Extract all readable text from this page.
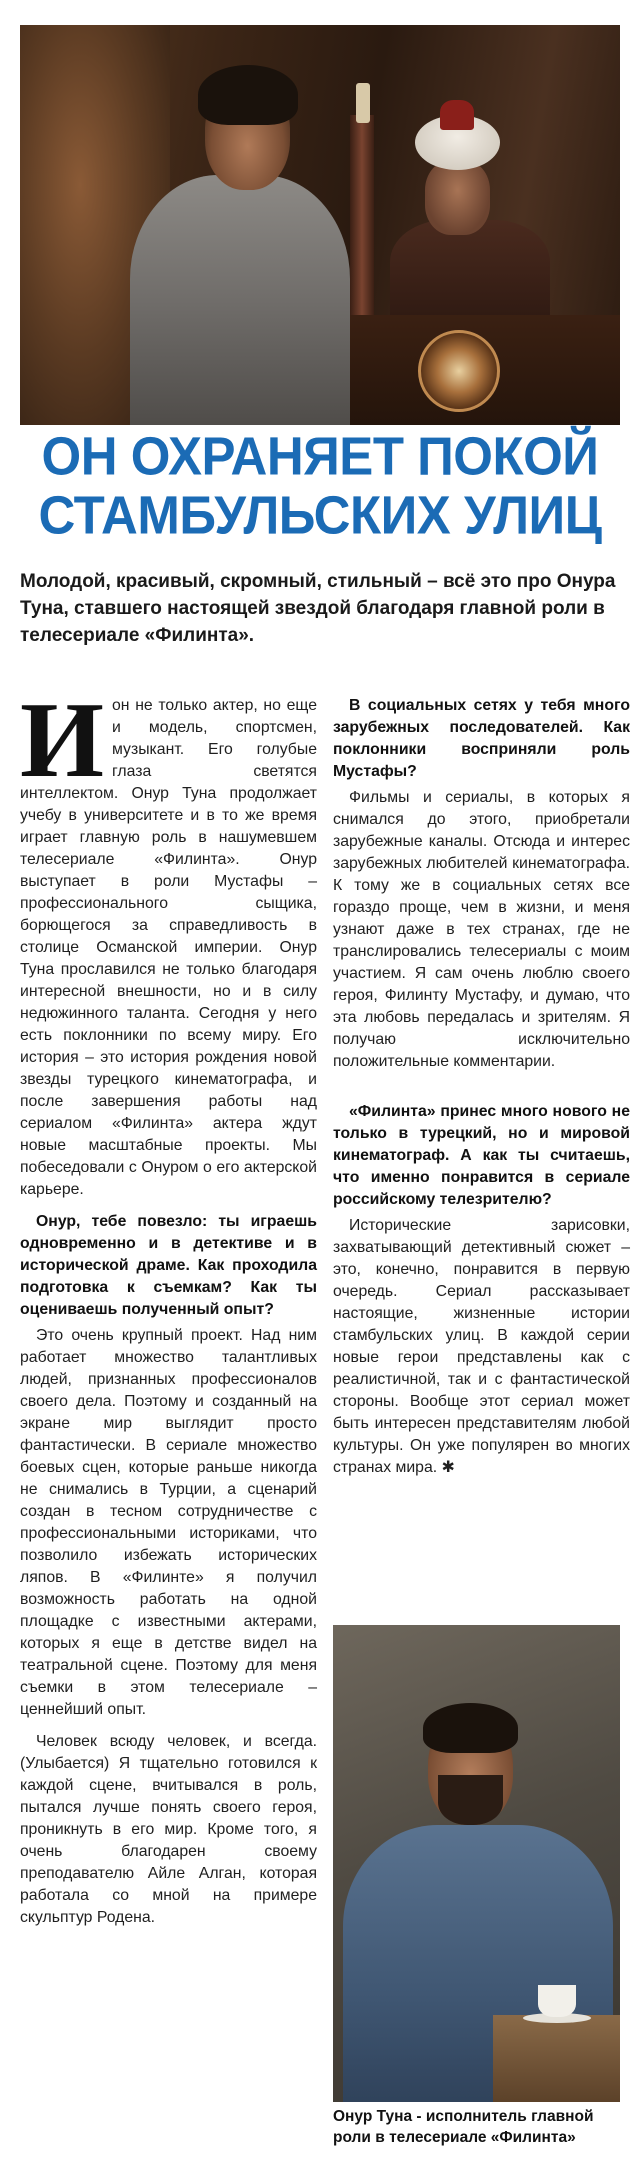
ОН ОХРАНЯЕТ ПОКОЙ
СТАМБУЛЬСКИХ УЛИЦ
Молодой, красивый, скромный, стильный – всё это про Онура Туна, ставшего настоящей звездой благодаря главной роли в телесериале «Филинта».

И он не только актер, но еще и модель, спортсмен, музыкант. Его голубые глаза светятся интеллектом. Онур Туна продолжает учебу в университете и в то же время играет главную роль в нашумевшем телесериале «Филинта». Онур выступает в роли Мустафы – профессионального сыщика, борющегося за справедливость в столице Османской империи. Онур Туна прославился не только благодаря интересной внешности, но и в силу недюжинного таланта. Сегодня у него есть поклонники по всему миру. Его история – это история рождения новой звезды турецкого кинематографа, и после завершения работы над сериалом «Филинта» актера ждут новые масштабные проекты. Мы побеседовали с Онуром о его актерской карьере.

Онур, тебе повезло: ты играешь одновременно и в детективе и в исторической драме. Как проходила подготовка к съемкам? Как ты оцениваешь полученный опыт?

Это очень крупный проект. Над ним работает множество талантливых людей, признанных профессионалов своего дела. Поэтому и созданный на экране мир выглядит просто фантастически. В сериале множество боевых сцен, которые раньше никогда не снимались в Турции, а сценарий создан в тесном сотрудничестве с профессиональными историками, что позволило избежать исторических ляпов. В «Филинте» я получил возможность работать на одной площадке с известными актерами, которых я еще в детстве видел на театральной сцене. Поэтому для меня съемки в этом телесериале – ценнейший опыт.

Человек всюду человек, и всегда. (Улыбается) Я тщательно готовился к каждой сцене, вчитывался в роль, пытался лучше понять своего героя, проникнуть в его мир. Кроме того, я очень благодарен своему преподавателю Айле Алган, которая работала со мной на примере скульптур Родена.

В социальных сетях у тебя много зарубежных последователей. Как поклонники восприняли роль Мустафы?

Фильмы и сериалы, в которых я снимался до этого, приобретали зарубежные каналы. Отсюда и интерес зарубежных любителей кинематографа. К тому же в социальных сетях все гораздо проще, чем в жизни, и меня узнают даже в тех странах, где не транслировались телесериалы с моим участием. Я сам очень люблю своего героя, Филинту Мустафу, и думаю, что эта любовь передалась и зрителям. Я получаю исключительно положительные комментарии.

«Филинта» принес много нового не только в турецкий, но и мировой кинематограф. А как ты считаешь, что именно понравится в сериале российскому телезрителю?

Исторические зарисовки, захватывающий детективный сюжет – это, конечно, понравится в первую очередь. Сериал рассказывает настоящие, жизненные истории стамбульских улиц. В каждой серии новые герои представлены как с реалистичной, так и с фантастической стороны. Вообще этот сериал может быть интересен представителям любой культуры. Он уже популярен во многих странах мира. ✱

Онур Туна - исполнитель главной роли в телесериале «Филинта»
